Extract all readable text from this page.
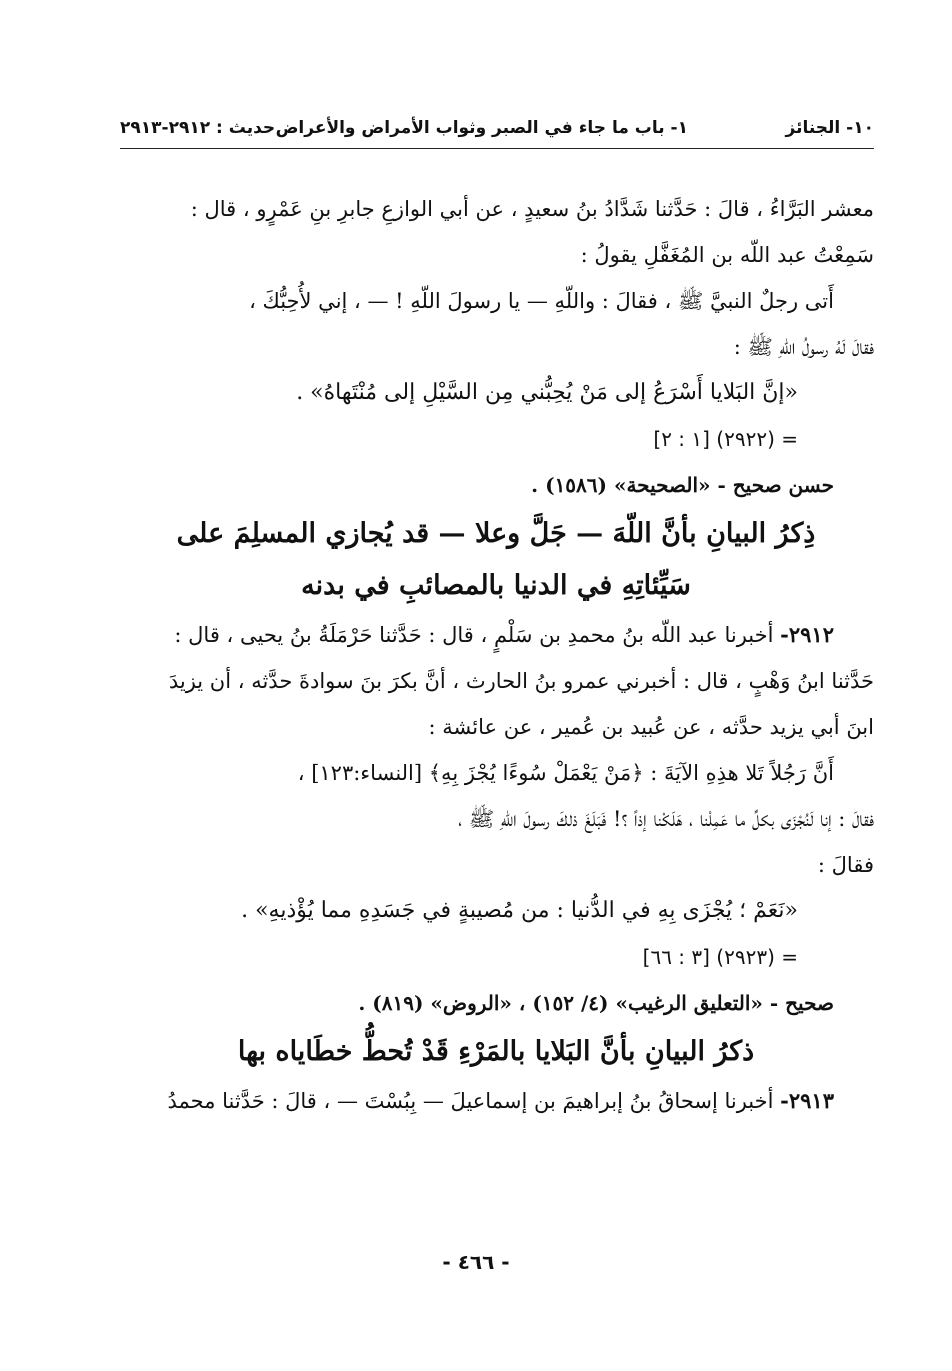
١٠- الجنائز
١- باب ما جاء في الصبر وثواب الأمراض والأعراض
حديث : ٢٩١٢-٢٩١٣

معشر البَرَّاءُ ، قالَ : حَدَّثنا شَدَّادُ بنُ سعيدٍ ، عن أبي الوازعِ جابرِ بنِ عَمْرٍو ، قال :

سَمِعْتُ عبد اللّه بن المُغَفَّلِ يقولُ :

أَتى رجلٌ النبيَّ ﷺ ، فقالَ : واللّهِ — يا رسولَ اللّهِ ! — ، إني لأُحِبُّكَ ،

فقالَ لَهُ رسولُ اللّهِ ﷺ :

«إنَّ البَلايا أَسْرَعُ إلى مَنْ يُحِبُّني مِن السَّيْلِ إلى مُنْتَهاهُ» .

= (٢٩٢٢) [١ : ٢]

حسن صحيح - «الصحيحة» (١٥٨٦) .

ذِكرُ البيانِ بأنَّ اللّهَ — جَلَّ وعلا — قد يُجازي المسلِمَ على سَيِّئاتِهِ في الدنيا بالمصائبِ في بدنه

٢٩١٢- أخبرنا عبد اللّه بنُ محمدِ بن سَلْمٍ ، قال : حَدَّثنا حَرْمَلَةُ بنُ يحيى ، قال :

حَدَّثنا ابنُ وَهْبٍ ، قال : أخبرني عمرو بنُ الحارث ، أنَّ بكرَ بنَ سوادةَ حدَّثه ، أن يزيدَ

ابنَ أبي يزيد حدَّثه ، عن عُبيد بن عُمير ، عن عائشة :

أَنَّ رَجُلاً تَلا هذِهِ الآيَةَ : ﴿مَنْ يَعْمَلْ سُوءًا يُجْزَ بِهِ﴾ [النساء:١٢٣] ،

فقالَ : إنا لَنُجْزَى بكلِّ ما عَمِلْنا ، هَلَكْنا إذاً ؟! فَبَلَغَ ذلكَ رسولَ اللّهِ ﷺ ،

فقالَ :

«نَعَمْ ؛ يُجْزَى بِهِ في الدُّنيا : من مُصيبةٍ في جَسَدِهِ مما يُؤْذيهِ» .

= (٢٩٢٣) [٣ : ٦٦]

صحيح - «التعليق الرغيب» (٤/ ١٥٢) ، «الروض» (٨١٩) .

ذكرُ البيانِ بأنَّ البَلايا بالمَرْءِ قَدْ تُحطُّ خطَاياه بها

٢٩١٣- أخبرنا إسحاقُ بنُ إبراهيمَ بن إسماعيلَ — بِبُسْتَ — ، قالَ : حَدَّثنا محمدُ

- ٤٦٦ -
